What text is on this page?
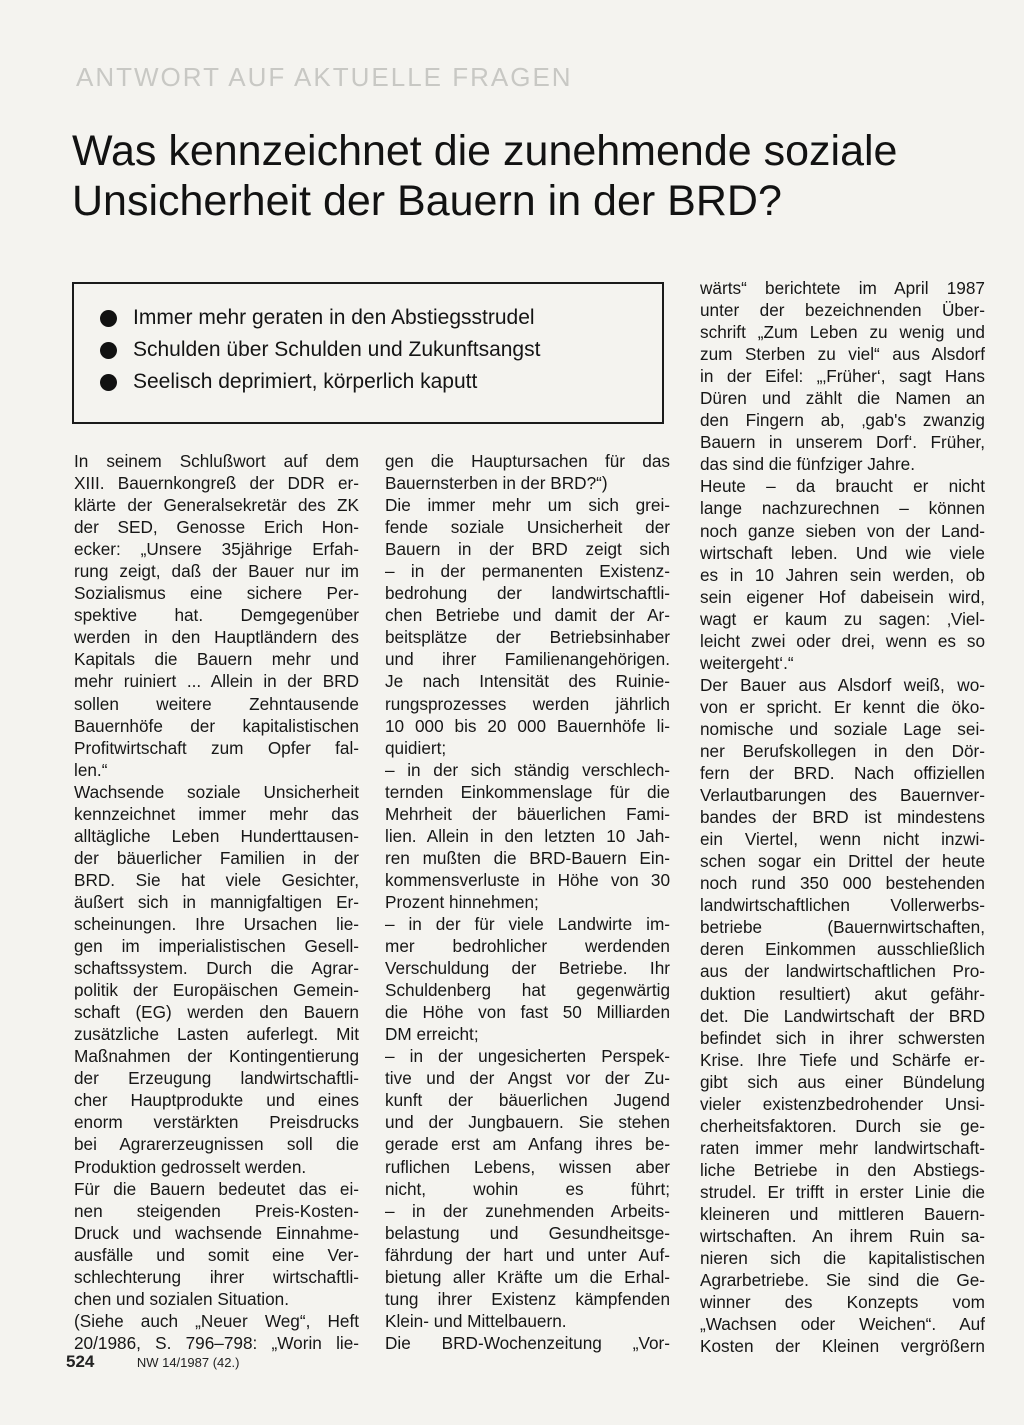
ANTWORT AUF AKTUELLE FRAGEN
Was kennzeichnet die zunehmende soziale
Unsicherheit der Bauern in der BRD?
Immer mehr geraten in den Abstiegsstrudel
Schulden über Schulden und Zukunftsangst
Seelisch deprimiert, körperlich kaputt
In seinem Schlußwort auf dem
XIII. Bauernkongreß der DDR er-
klärte der Generalsekretär des ZK
der SED, Genosse Erich Hon-
ecker: „Unsere 35jährige Erfah-
rung zeigt, daß der Bauer nur im
Sozialismus eine sichere Per-
spektive hat. Demgegenüber
werden in den Hauptländern des
Kapitals die Bauern mehr und
mehr ruiniert ... Allein in der BRD
sollen weitere Zehntausende
Bauernhöfe der kapitalistischen
Profitwirtschaft zum Opfer fal-
len.“
Wachsende soziale Unsicherheit
kennzeichnet immer mehr das
alltägliche Leben Hunderttausen-
der bäuerlicher Familien in der
BRD. Sie hat viele Gesichter,
äußert sich in mannigfaltigen Er-
scheinungen. Ihre Ursachen lie-
gen im imperialistischen Gesell-
schaftssystem. Durch die Agrar-
politik der Europäischen Gemein-
schaft (EG) werden den Bauern
zusätzliche Lasten auferlegt. Mit
Maßnahmen der Kontingentierung
der Erzeugung landwirtschaftli-
cher Hauptprodukte und eines
enorm verstärkten Preisdrucks
bei Agrarerzeugnissen soll die
Produktion gedrosselt werden.
Für die Bauern bedeutet das ei-
nen steigenden Preis-Kosten-
Druck und wachsende Einnahme-
ausfälle und somit eine Ver-
schlechterung ihrer wirtschaftli-
chen und sozialen Situation.
(Siehe auch „Neuer Weg“, Heft
20/1986, S. 796–798: „Worin lie-
gen die Hauptursachen für das
Bauernsterben in der BRD?“)
Die immer mehr um sich grei-
fende soziale Unsicherheit der
Bauern in der BRD zeigt sich
– in der permanenten Existenz-
bedrohung der landwirtschaftli-
chen Betriebe und damit der Ar-
beitsplätze der Betriebsinhaber
und ihrer Familienangehörigen.
Je nach Intensität des Ruinie-
rungsprozesses werden jährlich
10 000 bis 20 000 Bauernhöfe li-
quidiert;
– in der sich ständig verschlech-
ternden Einkommenslage für die
Mehrheit der bäuerlichen Fami-
lien. Allein in den letzten 10 Jah-
ren mußten die BRD-Bauern Ein-
kommensverluste in Höhe von 30
Prozent hinnehmen;
– in der für viele Landwirte im-
mer bedrohlicher werdenden
Verschuldung der Betriebe. Ihr
Schuldenberg hat gegenwärtig
die Höhe von fast 50 Milliarden
DM erreicht;
– in der ungesicherten Perspek-
tive und der Angst vor der Zu-
kunft der bäuerlichen Jugend
und der Jungbauern. Sie stehen
gerade erst am Anfang ihres be-
ruflichen Lebens, wissen aber
nicht, wohin es führt;
– in der zunehmenden Arbeits-
belastung und Gesundheitsge-
fährdung der hart und unter Auf-
bietung aller Kräfte um die Erhal-
tung ihrer Existenz kämpfenden
Klein- und Mittelbauern.
Die BRD-Wochenzeitung „Vor-
wärts“ berichtete im April 1987
unter der bezeichnenden Über-
schrift „Zum Leben zu wenig und
zum Sterben zu viel“ aus Alsdorf
in der Eifel: „‚Früher‘, sagt Hans
Düren und zählt die Namen an
den Fingern ab, ‚gab's zwanzig
Bauern in unserem Dorf‘. Früher,
das sind die fünfziger Jahre.
Heute – da braucht er nicht
lange nachzurechnen – können
noch ganze sieben von der Land-
wirtschaft leben. Und wie viele
es in 10 Jahren sein werden, ob
sein eigener Hof dabeisein wird,
wagt er kaum zu sagen: ‚Viel-
leicht zwei oder drei, wenn es so
weitergeht‘.“
Der Bauer aus Alsdorf weiß, wo-
von er spricht. Er kennt die öko-
nomische und soziale Lage sei-
ner Berufskollegen in den Dör-
fern der BRD. Nach offiziellen
Verlautbarungen des Bauernver-
bandes der BRD ist mindestens
ein Viertel, wenn nicht inzwi-
schen sogar ein Drittel der heute
noch rund 350 000 bestehenden
landwirtschaftlichen Vollerwerbs-
betriebe (Bauernwirtschaften,
deren Einkommen ausschließlich
aus der landwirtschaftlichen Pro-
duktion resultiert) akut gefähr-
det. Die Landwirtschaft der BRD
befindet sich in ihrer schwersten
Krise. Ihre Tiefe und Schärfe er-
gibt sich aus einer Bündelung
vieler existenzbedrohender Unsi-
cherheitsfaktoren. Durch sie ge-
raten immer mehr landwirtschaft-
liche Betriebe in den Abstiegs-
strudel. Er trifft in erster Linie die
kleineren und mittleren Bauern-
wirtschaften. An ihrem Ruin sa-
nieren sich die kapitalistischen
Agrarbetriebe. Sie sind die Ge-
winner des Konzepts vom
„Wachsen oder Weichen“. Auf
Kosten der Kleinen vergrößern
524	NW 14/1987 (42.)
